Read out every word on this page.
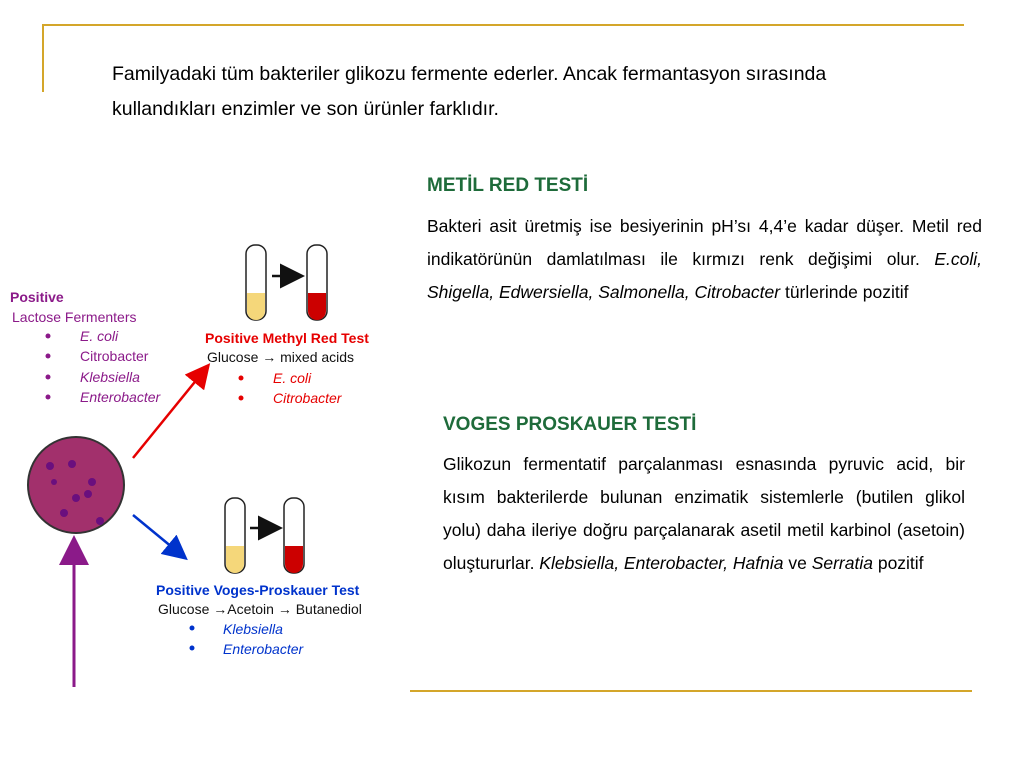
Familyadaki tüm bakteriler glikozu fermente ederler. Ancak fermantasyon sırasında kullandıkları enzimler ve son ürünler farklıdır.

METİL RED TESTİ

Bakteri asit üretmiş ise besiyerinin pH’sı 4,4’e kadar düşer. Metil red indikatörünün damlatılması ile kırmızı renk değişimi olur. E.coli, Shigella, Edwersiella, Salmonella, Citrobacter türlerinde pozitif

VOGES PROSKAUER TESTİ

Glikozun fermentatif parçalanması esnasında pyruvic acid, bir kısım bakterilerde bulunan enzimatik sistemlerle (butilen glikol yolu) daha ileriye doğru parçalanarak asetil metil karbinol (asetoin) oluştururlar. Klebsiella, Enterobacter, Hafnia ve Serratia pozitif

Positive
Lactose Fermenters
E. coli
Citrobacter
Klebsiella
Enterobacter
Positive Methyl Red Test
Glucose → mixed acids
E. coli
Citrobacter
Positive Voges-Proskauer Test
Glucose →Acetoin → Butanediol
Klebsiella
Enterobacter
